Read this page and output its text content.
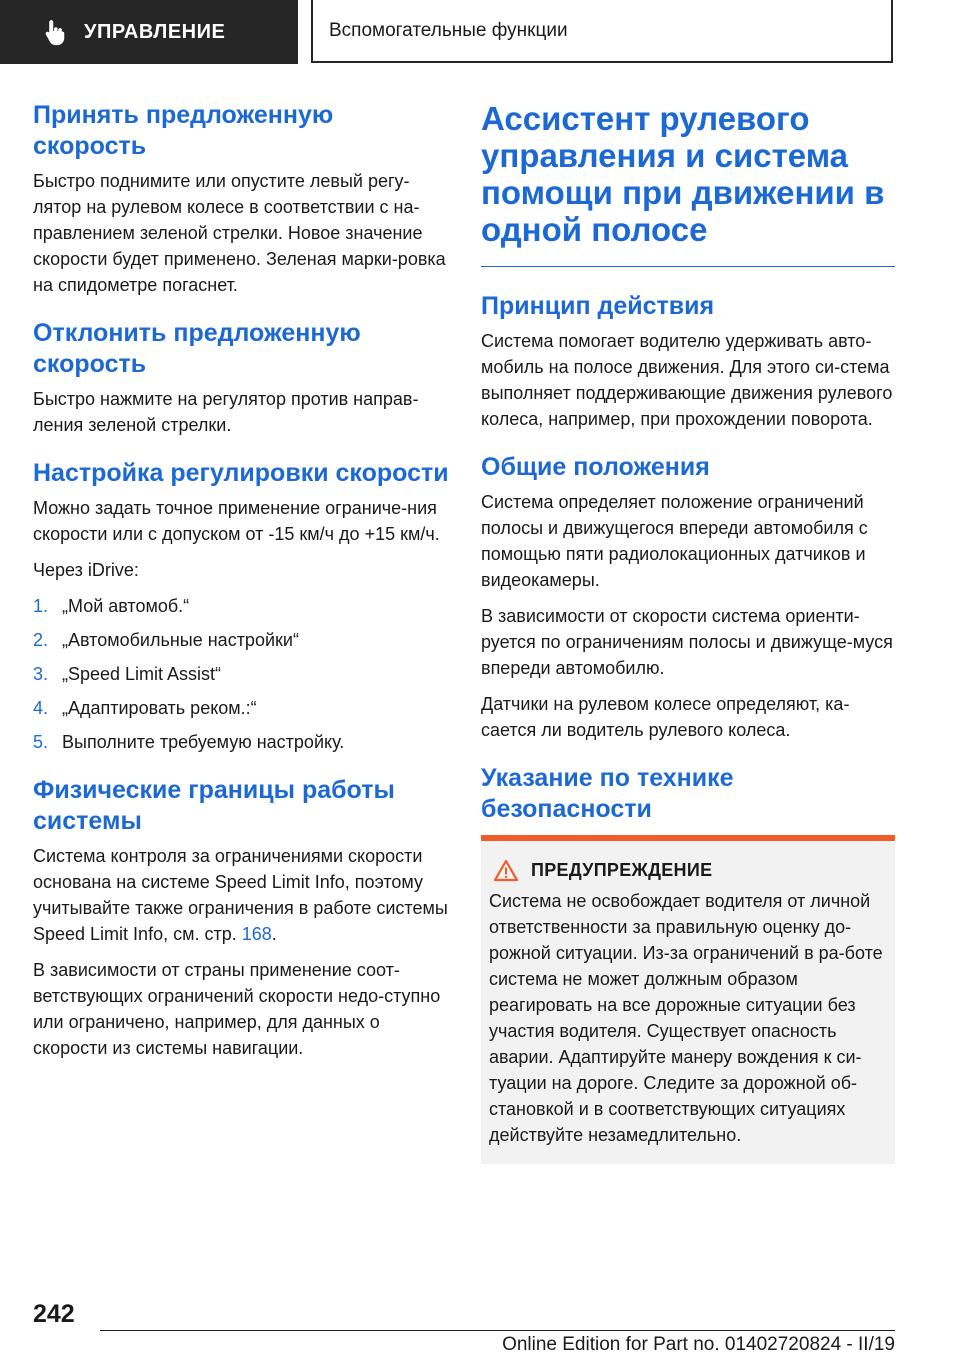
УПРАВЛЕНИЕ	Вспомогательные функции
Принять предложенную скорость

Быстро поднимите или опустите левый регу-лятор на рулевом колесе в соответствии с на-правлением зеленой стрелки. Новое значение скорости будет применено. Зеленая марки-ровка на спидометре погаснет.

Отклонить предложенную скорость

Быстро нажмите на регулятор против направ-ления зеленой стрелки.

Настройка регулировки скорости

Можно задать точное применение ограниче-ния скорости или с допуском от -15 км/ч до +15 км/ч.

Через iDrive:

1. „Мой автомоб.“
2. „Автомобильные настройки“
3. „Speed Limit Assist“
4. „Адаптировать реком.:“
5. Выполните требуемую настройку.
Физические границы работы системы

Система контроля за ограничениями скорости основана на системе Speed Limit Info, поэтому учитывайте также ограничения в работе системы Speed Limit Info, см. стр. 168.

В зависимости от страны применение соот-ветствующих ограничений скорости недо-ступно или ограничено, например, для данных о скорости из системы навигации.

Ассистент рулевого управления и система помощи при движении в одной полосе
Принцип действия

Система помогает водителю удерживать авто-мобиль на полосе движения. Для этого си-стема выполняет поддерживающие движения рулевого колеса, например, при прохождении поворота.

Общие положения

Система определяет положение ограничений полосы и движущегося впереди автомобиля с помощью пяти радиолокационных датчиков и видеокамеры.

В зависимости от скорости система ориенти-руется по ограничениям полосы и движуще-муся впереди автомобилю.

Датчики на рулевом колесе определяют, ка-сается ли водитель рулевого колеса.

Указание по технике безопасности
ПРЕДУПРЕЖДЕНИЕ

Система не освобождает водителя от личной ответственности за правильную оценку до-рожной ситуации. Из-за ограничений в ра-боте система не может должным образом реагировать на все дорожные ситуации без участия водителя. Существует опасность аварии. Адаптируйте манеру вождения к си-туации на дороге. Следите за дорожной об-становкой и в соответствующих ситуациях действуйте незамедлительно.

242
Online Edition for Part no. 01402720824 - II/19
